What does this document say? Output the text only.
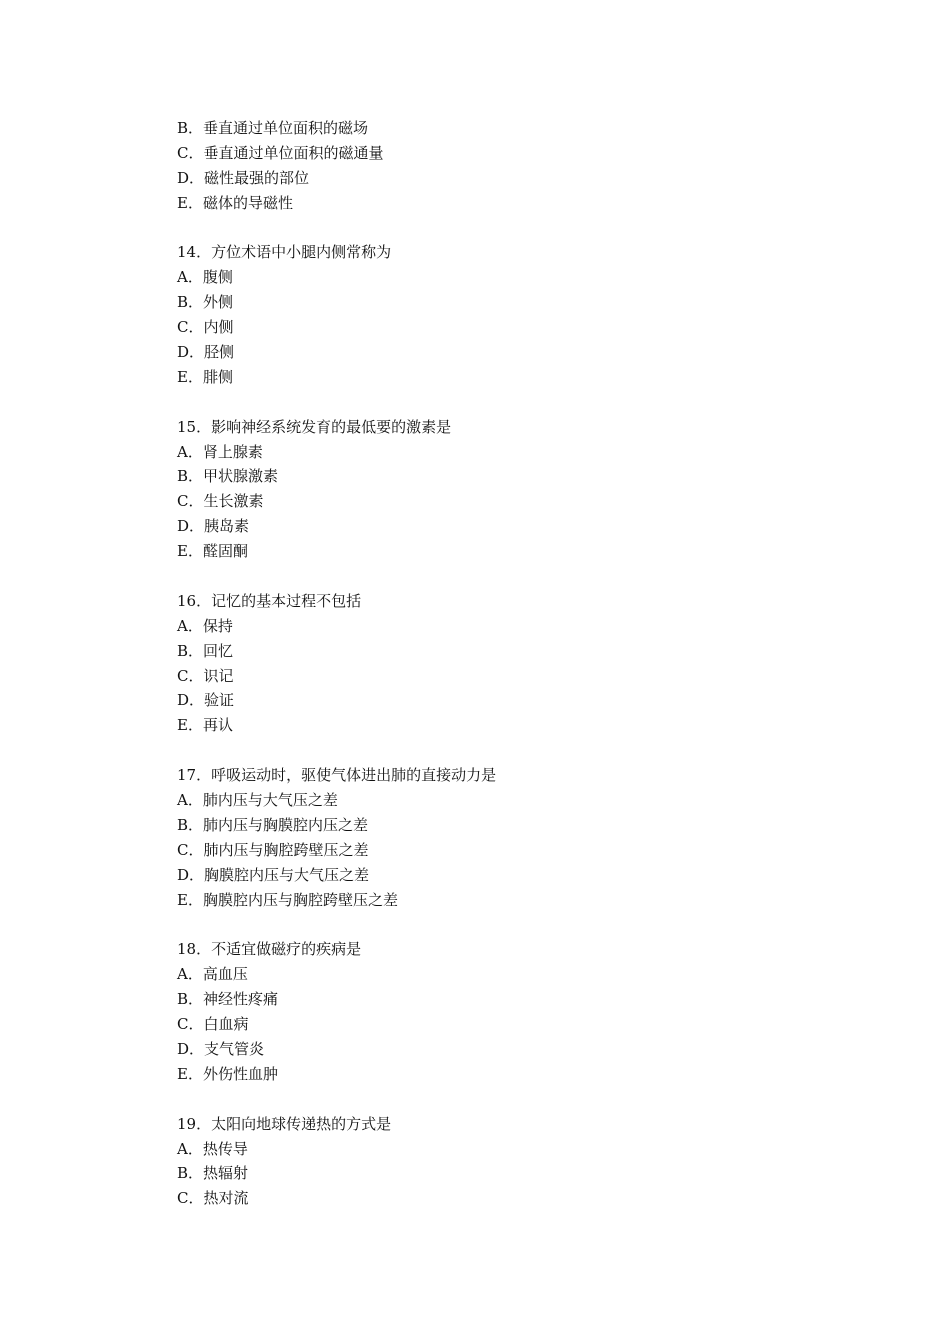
B．垂直通过单位面积的磁场
C．垂直通过单位面积的磁通量
D．磁性最强的部位
E．磁体的导磁性
14．方位术语中小腿内侧常称为
A．腹侧
B．外侧
C．内侧
D．胫侧
E．腓侧
15．影响神经系统发育的最低要的激素是
A．肾上腺素
B．甲状腺激素
C．生长激素
D．胰岛素
E．醛固酮
16．记忆的基本过程不包括
A．保持
B．回忆
C．识记
D．验证
E．再认
17．呼吸运动时，驱使气体进出肺的直接动力是
A．肺内压与大气压之差
B．肺内压与胸膜腔内压之差
C．肺内压与胸腔跨壁压之差
D．胸膜腔内压与大气压之差
E．胸膜腔内压与胸腔跨壁压之差
18．不适宜做磁疗的疾病是
A．高血压
B．神经性疼痛
C．白血病
D．支气管炎
E．外伤性血肿
19．太阳向地球传递热的方式是
A．热传导
B．热辐射
C．热对流
